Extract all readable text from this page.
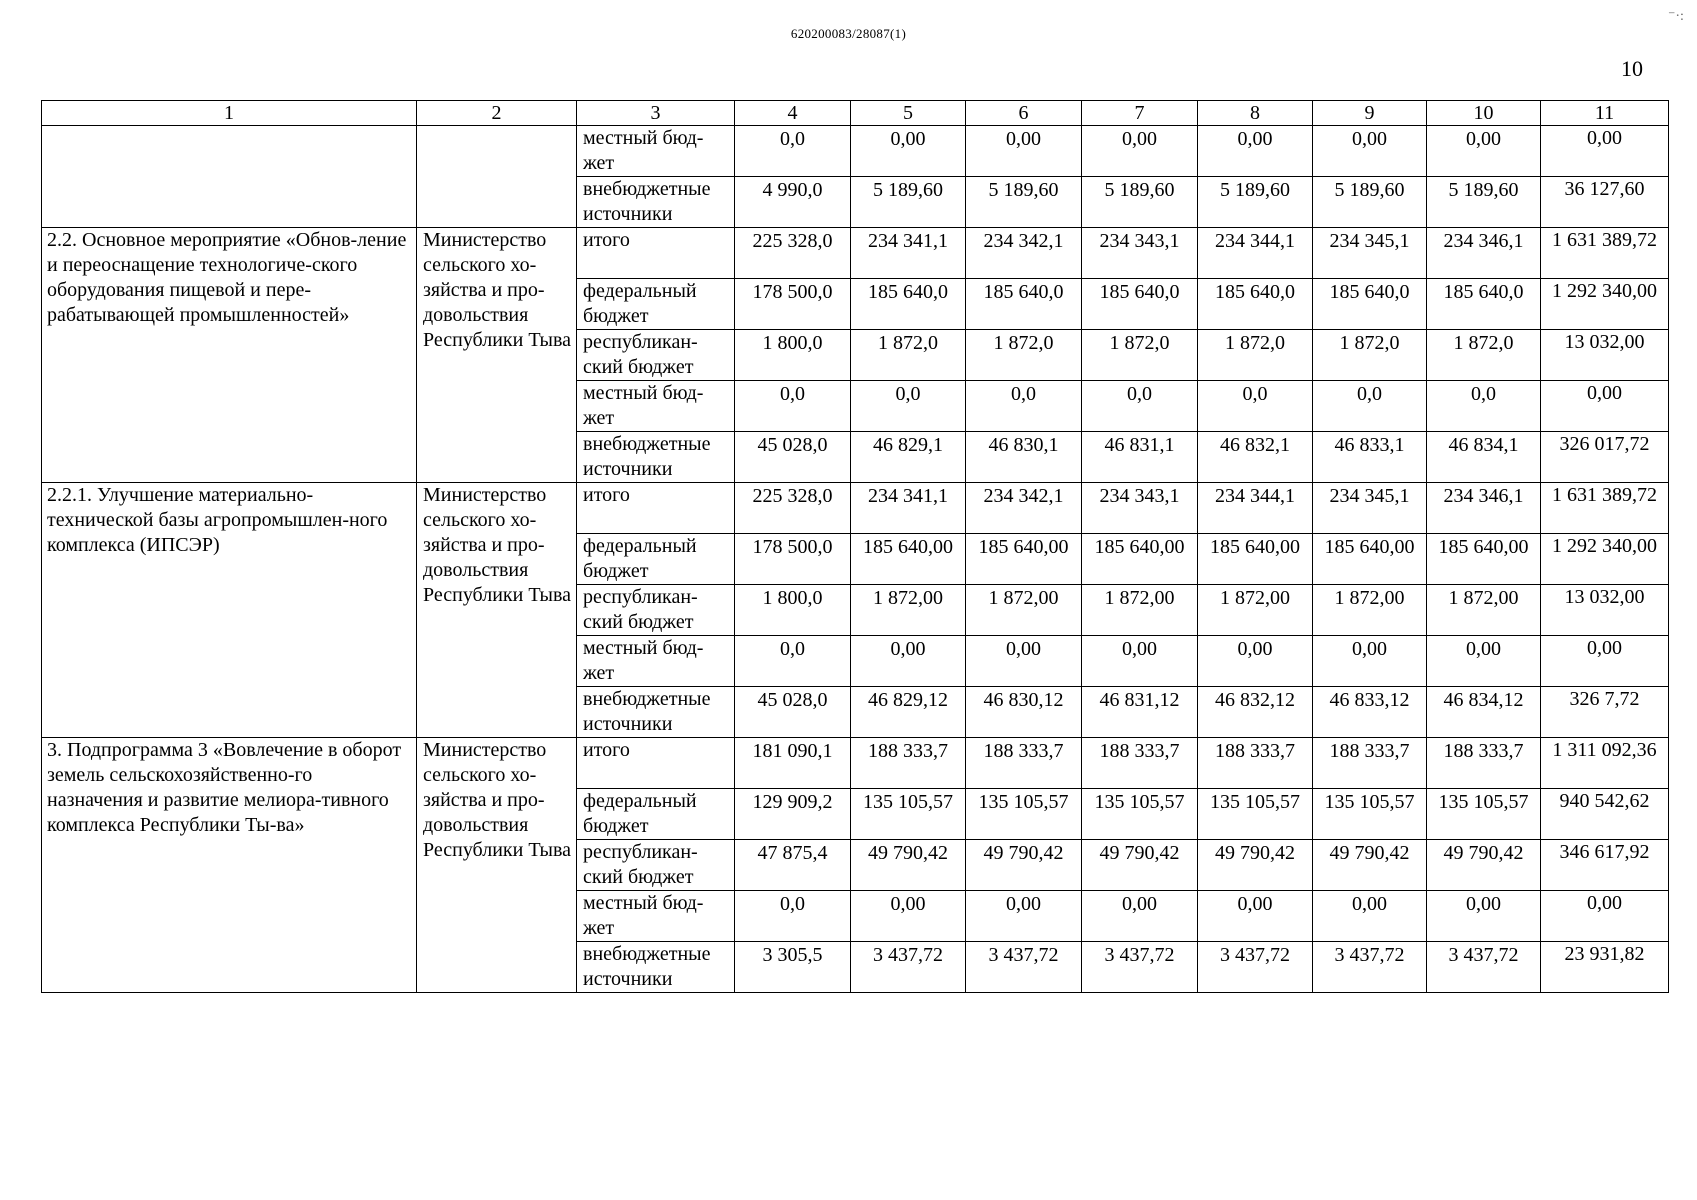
620200083/28087(1)
⁻·:
10
1	2	3	4	5	6	7	8	9	10	11
		местный бюд-жет	0,0	0,00	0,00	0,00	0,00	0,00	0,00	0,00
		внебюджетные источники	4 990,0	5 189,60	5 189,60	5 189,60	5 189,60	5 189,60	5 189,60	36 127,60
2.2. Основное мероприятие «Обнов-ление и переоснащение технологиче-ского оборудования пищевой и пере-рабатывающей промышленностей»	Министерство сельского хо-зяйства и про-довольствия Республики Тыва	итого	225 328,0	234 341,1	234 342,1	234 343,1	234 344,1	234 345,1	234 346,1	1 631 389,72
		федеральный бюджет	178 500,0	185 640,0	185 640,0	185 640,0	185 640,0	185 640,0	185 640,0	1 292 340,00
		республикан-ский бюджет	1 800,0	1 872,0	1 872,0	1 872,0	1 872,0	1 872,0	1 872,0	13 032,00
		местный бюд-жет	0,0	0,0	0,0	0,0	0,0	0,0	0,0	0,00
		внебюджетные источники	45 028,0	46 829,1	46 830,1	46 831,1	46 832,1	46 833,1	46 834,1	326 017,72
2.2.1. Улучшение материально-технической базы агропромышлен-ного комплекса (ИПСЭР)	Министерство сельского хо-зяйства и про-довольствия Республики Тыва	итого	225 328,0	234 341,1	234 342,1	234 343,1	234 344,1	234 345,1	234 346,1	1 631 389,72
		федеральный бюджет	178 500,0	185 640,00	185 640,00	185 640,00	185 640,00	185 640,00	185 640,00	1 292 340,00
		республикан-ский бюджет	1 800,0	1 872,00	1 872,00	1 872,00	1 872,00	1 872,00	1 872,00	13 032,00
		местный бюд-жет	0,0	0,00	0,00	0,00	0,00	0,00	0,00	0,00
		внебюджетные источники	45 028,0	46 829,12	46 830,12	46 831,12	46 832,12	46 833,12	46 834,12	326 7,72
3. Подпрограмма 3 «Вовлечение в оборот земель сельскохозяйственно-го назначения и развитие мелиора-тивного комплекса Республики Ты-ва»	Министерство сельского хо-зяйства и про-довольствия Республики Тыва	итого	181 090,1	188 333,7	188 333,7	188 333,7	188 333,7	188 333,7	188 333,7	1 311 092,36
		федеральный бюджет	129 909,2	135 105,57	135 105,57	135 105,57	135 105,57	135 105,57	135 105,57	940 542,62
		республикан-ский бюджет	47 875,4	49 790,42	49 790,42	49 790,42	49 790,42	49 790,42	49 790,42	346 617,92
		местный бюд-жет	0,0	0,00	0,00	0,00	0,00	0,00	0,00	0,00
		внебюджетные источники	3 305,5	3 437,72	3 437,72	3 437,72	3 437,72	3 437,72	3 437,72	23 931,82
